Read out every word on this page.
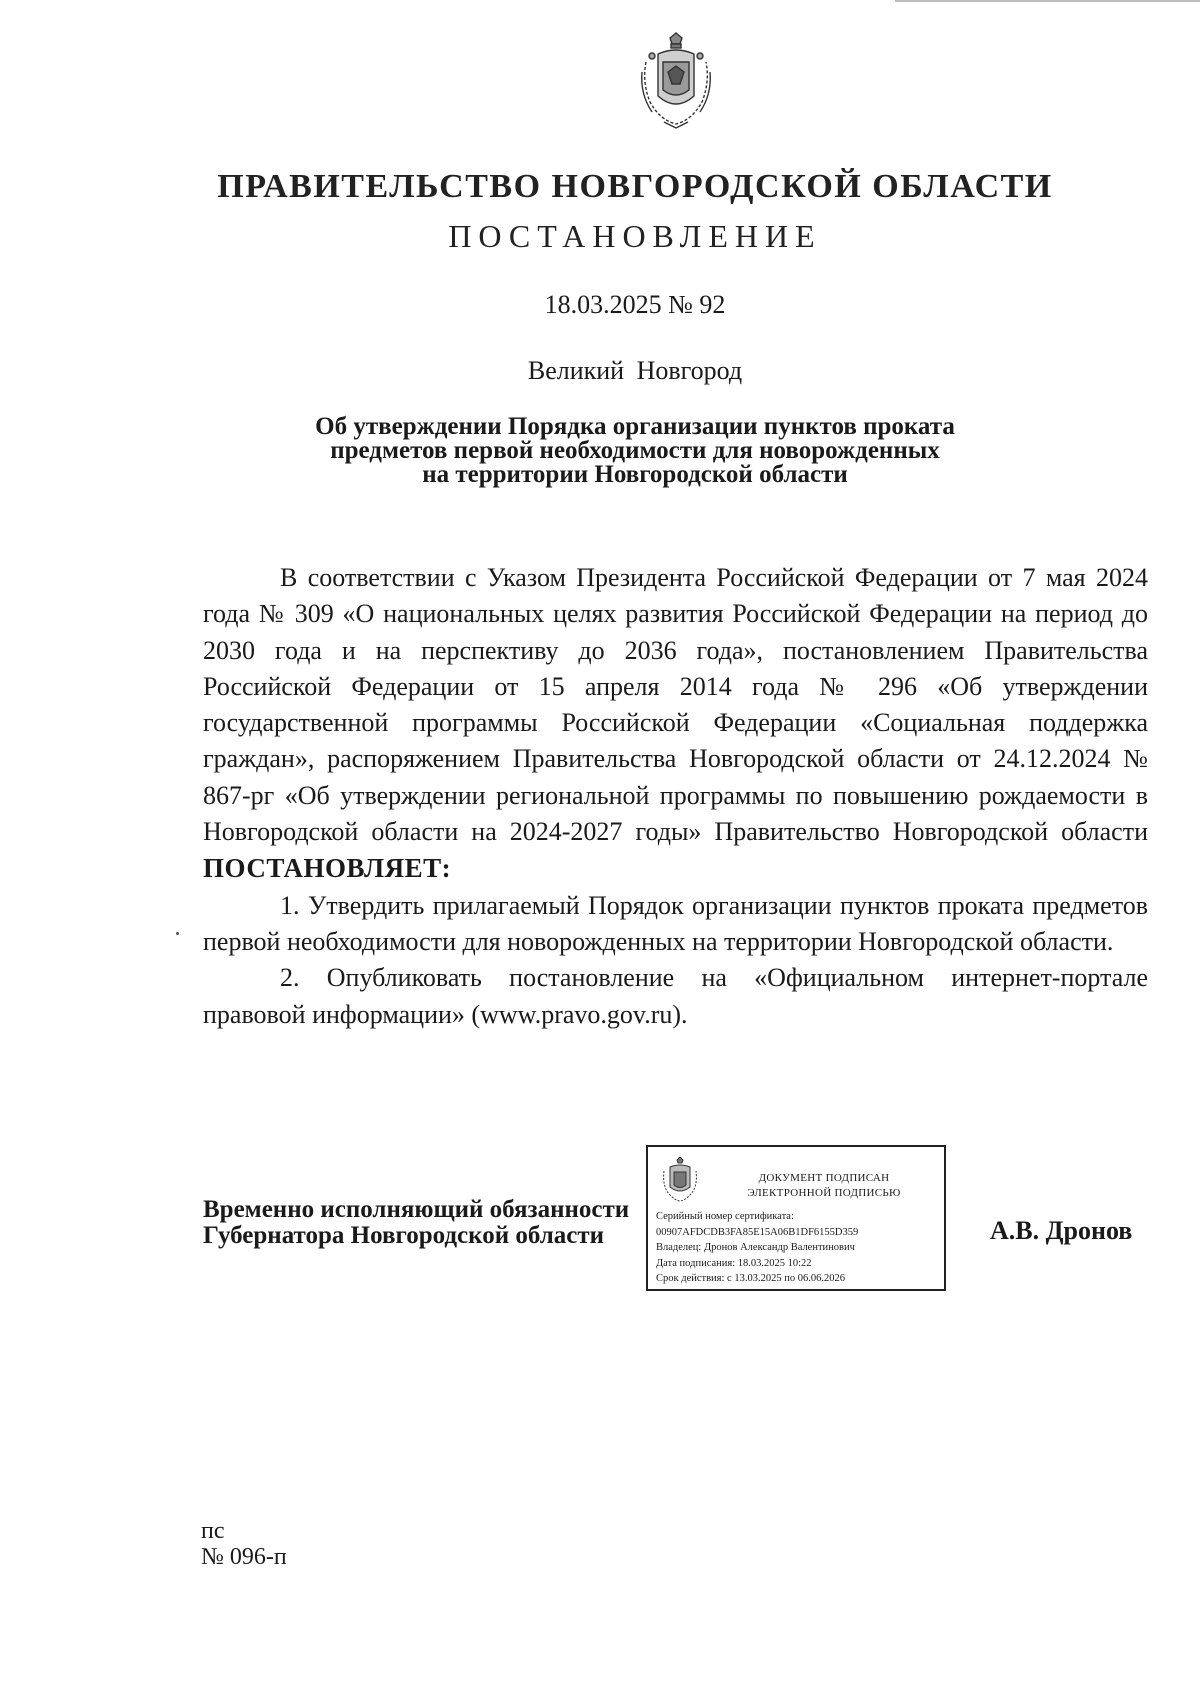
ПРАВИТЕЛЬСТВО НОВГОРОДСКОЙ ОБЛАСТИ
ПОСТАНОВЛЕНИЕ
18.03.2025 № 92
Великий Новгород
Об утверждении Порядка организации пунктов проката
предметов первой необходимости для новорожденных
на территории Новгородской области

В соответствии с Указом Президента Российской Федерации от 7 мая 2024 года № 309 «О национальных целях развития Российской Федерации на период до 2030 года и на перспективу до 2036 года», постановлением Правительства Российской Федерации от 15 апреля 2014 года № 296 «Об утверждении государственной программы Российской Федерации «Социальная поддержка граждан», распоряжением Правительства Новгородской области от 24.12.2024 № 867-рг «Об утверждении региональной программы по повышению рождаемости в Новгородской области на 2024-2027 годы» Правительство Новгородской области ПОСТАНОВЛЯЕТ:

1. Утвердить прилагаемый Порядок организации пунктов проката предметов первой необходимости для новорожденных на территории Новгородской области.

2. Опубликовать постановление на «Официальном интернет-портале правовой информации» (www.pravo.gov.ru).

Временно исполняющий обязанности
Губернатора Новгородской области
ДОКУМЕНТ ПОДПИСАН
ЭЛЕКТРОННОЙ ПОДПИСЬЮ
Серийный номер сертификата:
00907AFDCDB3FA85E15A06B1DF6155D359
Владелец: Дронов Александр Валентинович
Дата подписания: 18.03.2025 10:22
Срок действия: с 13.03.2025 по 06.06.2026
А.В. Дронов
пс
№ 096-п
